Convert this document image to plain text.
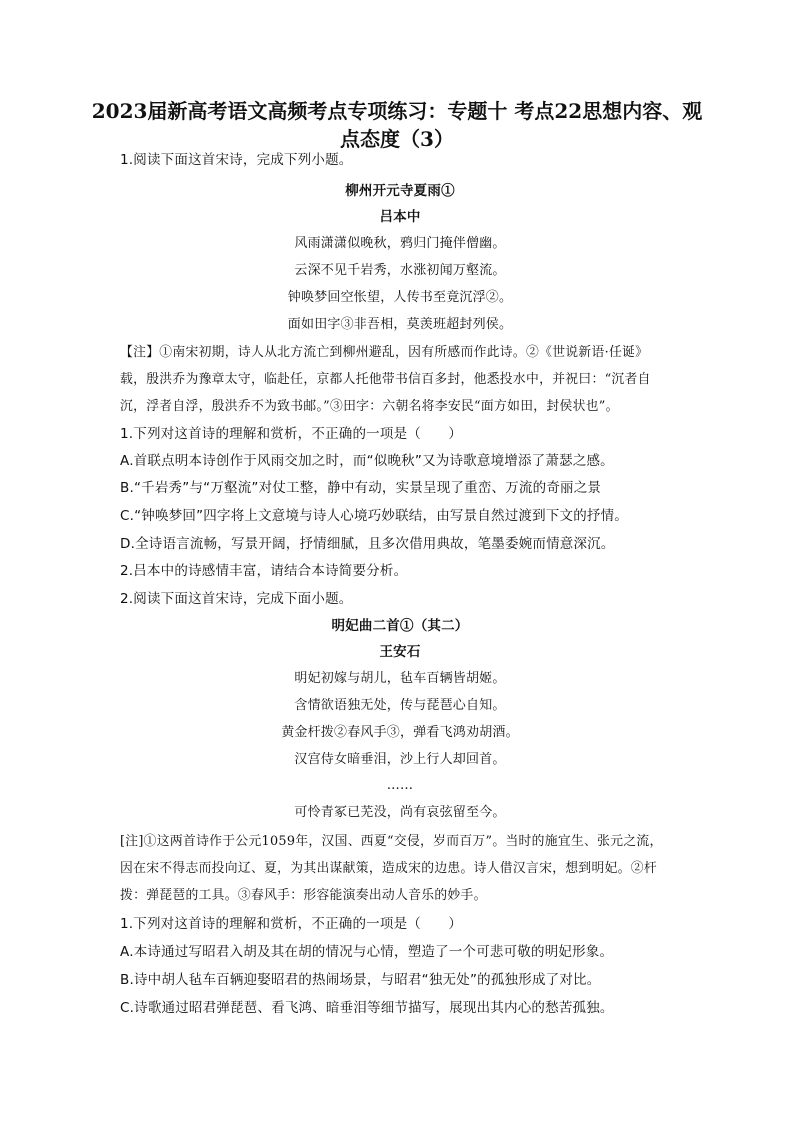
2023届新高考语文高频考点专项练习：专题十 考点22思想内容、观点态度（3）
1.阅读下面这首宋诗，完成下列小题。
柳州开元寺夏雨①
吕本中
风雨潇潇似晚秋，鸦归门掩伴僧幽。
云深不见千岩秀，水涨初闻万壑流。
钟唤梦回空怅望，人传书至竟沉浮②。
面如田字③非吾相，莫羡班超封列侯。
【注】①南宋初期，诗人从北方流亡到柳州避乱，因有所感而作此诗。②《世说新语·任诞》
载，殷洪乔为豫章太守，临赴任，京都人托他带书信百多封，他悉投水中，并祝曰：“沉者自
沉，浮者自浮，殷洪乔不为致书邮。”③田字：六朝名将李安民“面方如田，封侯状也”。
1.下列对这首诗的理解和赏析，不正确的一项是（　　）
A.首联点明本诗创作于风雨交加之时，而“似晚秋”又为诗歌意境增添了萧瑟之感。
B.“千岩秀”与“万壑流”对仗工整，静中有动，实景呈现了重峦、万流的奇丽之景
C.“钟唤梦回”四字将上文意境与诗人心境巧妙联结，由写景自然过渡到下文的抒情。
D.全诗语言流畅，写景开阔，抒情细腻，且多次借用典故，笔墨委婉而情意深沉。
2.吕本中的诗感情丰富，请结合本诗简要分析。
2.阅读下面这首宋诗，完成下面小题。
明妃曲二首①（其二）
王安石
明妃初嫁与胡儿，毡车百辆皆胡姬。
含情欲语独无处，传与琵琶心自知。
黄金杆拨②春风手③，弹看飞鸿劝胡酒。
汉宫侍女暗垂泪，沙上行人却回首。
……
可怜青冢已芜没，尚有哀弦留至今。
[注]①这两首诗作于公元1059年，汉国、西夏“交侵，岁而百万”。当时的施宜生、张元之流，
因在宋不得志而投向辽、夏，为其出谋献策，造成宋的边患。诗人借汉言宋，想到明妃。②杆
拨：弹琵琶的工具。③春风手：形容能演奏出动人音乐的妙手。
1.下列对这首诗的理解和赏析，不正确的一项是（　　）
A.本诗通过写昭君入胡及其在胡的情况与心情，塑造了一个可悲可敬的明妃形象。
B.诗中胡人毡车百辆迎娶昭君的热闹场景，与昭君“独无处”的孤独形成了对比。
C.诗歌通过昭君弹琵琶、看飞鸿、暗垂泪等细节描写，展现出其内心的愁苦孤独。
